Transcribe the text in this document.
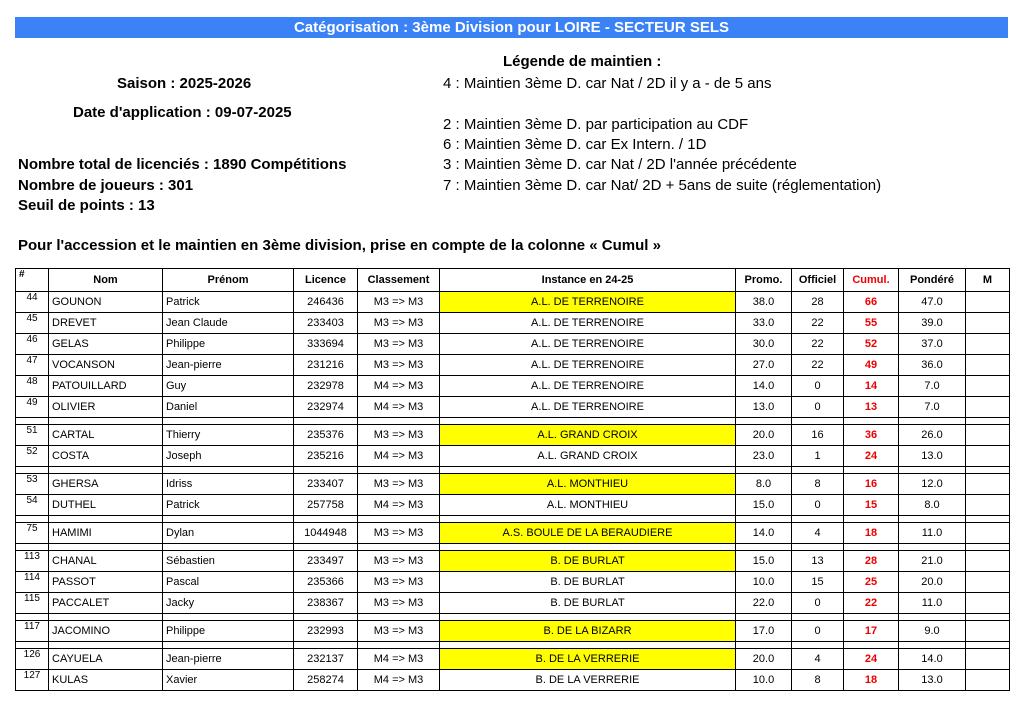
Catégorisation : 3ème Division pour LOIRE - SECTEUR SELS
Saison : 2025-2026
Date d'application : 09-07-2025
Nombre total de licenciés : 1890 Compétitions
Nombre de joueurs : 301
Seuil de points : 13
Pour l'accession et le maintien en 3ème division, prise en compte de la colonne « Cumul »
Légende de maintien :
4 : Maintien 3ème D. car Nat / 2D il y a - de 5 ans
2 : Maintien 3ème D. par participation au CDF
6 : Maintien 3ème D. car Ex Intern. / 1D
3 : Maintien 3ème D. car Nat / 2D l'année précédente
7 : Maintien 3ème D. car Nat/ 2D + 5ans de suite (réglementation)
#	Nom	Prénom	Licence	Classement	Instance en 24-25	Promo.	Officiel	Cumul.	Pondéré	M
44	GOUNON	Patrick	246436	M3 => M3	A.L. DE TERRENOIRE	38.0	28	66	47.0	
45	DREVET	Jean Claude	233403	M3 => M3	A.L. DE TERRENOIRE	33.0	22	55	39.0	
46	GELAS	Philippe	333694	M3 => M3	A.L. DE TERRENOIRE	30.0	22	52	37.0	
47	VOCANSON	Jean-pierre	231216	M3 => M3	A.L. DE TERRENOIRE	27.0	22	49	36.0	
48	PATOUILLARD	Guy	232978	M4 => M3	A.L. DE TERRENOIRE	14.0	0	14	7.0	
49	OLIVIER	Daniel	232974	M4 => M3	A.L. DE TERRENOIRE	13.0	0	13	7.0	

51	CARTAL	Thierry	235376	M3 => M3	A.L. GRAND CROIX	20.0	16	36	26.0	
52	COSTA	Joseph	235216	M4 => M3	A.L. GRAND CROIX	23.0	1	24	13.0	

53	GHERSA	Idriss	233407	M3 => M3	A.L. MONTHIEU	8.0	8	16	12.0	
54	DUTHEL	Patrick	257758	M4 => M3	A.L. MONTHIEU	15.0	0	15	8.0	

75	HAMIMI	Dylan	1044948	M3 => M3	A.S. BOULE DE LA BERAUDIERE	14.0	4	18	11.0	

113	CHANAL	Sébastien	233497	M3 => M3	B. DE BURLAT	15.0	13	28	21.0	
114	PASSOT	Pascal	235366	M3 => M3	B. DE BURLAT	10.0	15	25	20.0	
115	PACCALET	Jacky	238367	M3 => M3	B. DE BURLAT	22.0	0	22	11.0	

117	JACOMINO	Philippe	232993	M3 => M3	B. DE LA BIZARR	17.0	0	17	9.0	

126	CAYUELA	Jean-pierre	232137	M4 => M3	B. DE LA VERRERIE	20.0	4	24	14.0	
127	KULAS	Xavier	258274	M4 => M3	B. DE LA VERRERIE	10.0	8	18	13.0	
